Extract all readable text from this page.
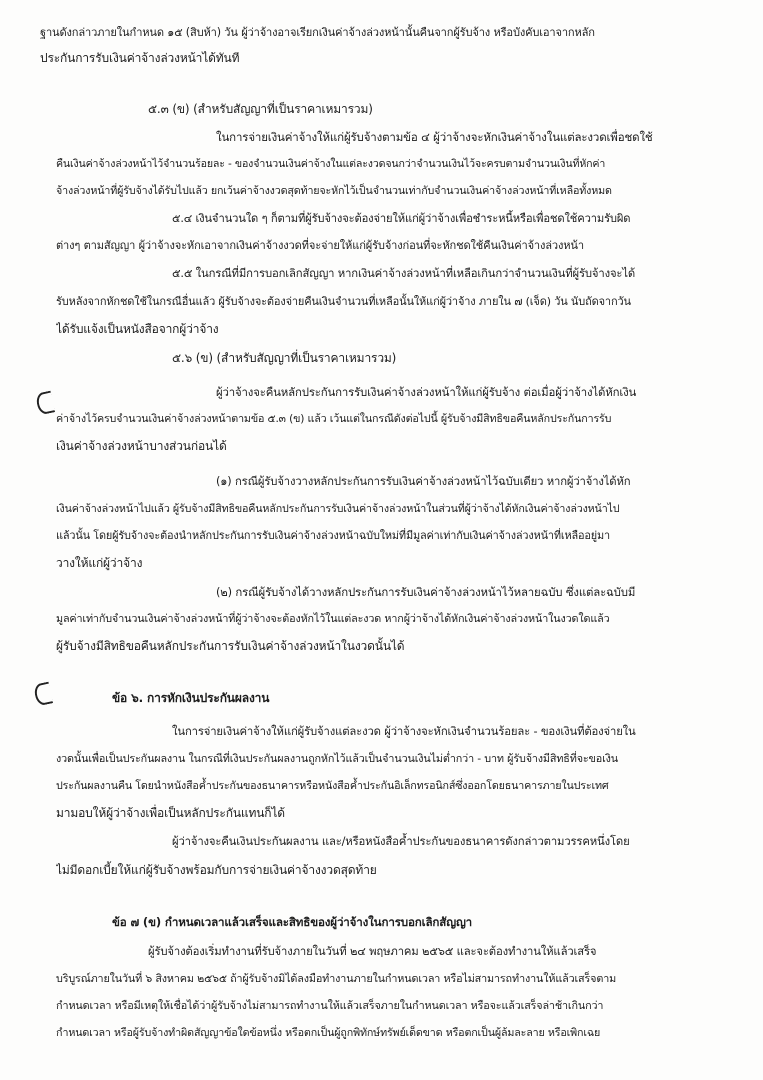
ฐานดังกล่าวภายในกำหนด ๑๕ (สิบห้า) วัน ผู้ว่าจ้างอาจเรียกเงินค่าจ้างล่วงหน้านั้นคืนจากผู้รับจ้าง หรือบังคับเอาจากหลัก
ประกันการรับเงินค่าจ้างล่วงหน้าได้ทันที
๕.๓ (ข) (สำหรับสัญญาที่เป็นราคาเหมารวม)
ในการจ่ายเงินค่าจ้างให้แก่ผู้รับจ้างตามข้อ ๔ ผู้ว่าจ้างจะหักเงินค่าจ้างในแต่ละงวดเพื่อชดใช้
คืนเงินค่าจ้างล่วงหน้าไว้จำนวนร้อยละ - ของจำนวนเงินค่าจ้างในแต่ละงวดจนกว่าจำนวนเงินไว้จะครบตามจำนวนเงินที่หักค่า
จ้างล่วงหน้าที่ผู้รับจ้างได้รับไปแล้ว ยกเว้นค่าจ้างงวดสุดท้ายจะหักไว้เป็นจำนวนเท่ากับจำนวนเงินค่าจ้างล่วงหน้าที่เหลือทั้งหมด
๕.๔ เงินจำนวนใด ๆ ก็ตามที่ผู้รับจ้างจะต้องจ่ายให้แก่ผู้ว่าจ้างเพื่อชำระหนี้หรือเพื่อชดใช้ความรับผิด
ต่างๆ ตามสัญญา ผู้ว่าจ้างจะหักเอาจากเงินค่าจ้างงวดที่จะจ่ายให้แก่ผู้รับจ้างก่อนที่จะหักชดใช้คืนเงินค่าจ้างล่วงหน้า
๕.๕ ในกรณีที่มีการบอกเลิกสัญญา หากเงินค่าจ้างล่วงหน้าที่เหลือเกินกว่าจำนวนเงินที่ผู้รับจ้างจะได้
รับหลังจากหักชดใช้ในกรณีอื่นแล้ว ผู้รับจ้างจะต้องจ่ายคืนเงินจำนวนที่เหลือนั้นให้แก่ผู้ว่าจ้าง ภายใน ๗ (เจ็ด) วัน นับถัดจากวัน
ได้รับแจ้งเป็นหนังสือจากผู้ว่าจ้าง
๕.๖ (ข) (สำหรับสัญญาที่เป็นราคาเหมารวม)
ผู้ว่าจ้างจะคืนหลักประกันการรับเงินค่าจ้างล่วงหน้าให้แก่ผู้รับจ้าง ต่อเมื่อผู้ว่าจ้างได้หักเงิน
ค่าจ้างไว้ครบจำนวนเงินค่าจ้างล่วงหน้าตามข้อ ๕.๓ (ข) แล้ว เว้นแต่ในกรณีดังต่อไปนี้ ผู้รับจ้างมีสิทธิขอคืนหลักประกันการรับ
เงินค่าจ้างล่วงหน้าบางส่วนก่อนได้
(๑) กรณีผู้รับจ้างวางหลักประกันการรับเงินค่าจ้างล่วงหน้าไว้ฉบับเดียว หากผู้ว่าจ้างได้หัก
เงินค่าจ้างล่วงหน้าไปแล้ว ผู้รับจ้างมีสิทธิขอคืนหลักประกันการรับเงินค่าจ้างล่วงหน้าในส่วนที่ผู้ว่าจ้างได้หักเงินค่าจ้างล่วงหน้าไป
แล้วนั้น โดยผู้รับจ้างจะต้องนำหลักประกันการรับเงินค่าจ้างล่วงหน้าฉบับใหม่ที่มีมูลค่าเท่ากับเงินค่าจ้างล่วงหน้าที่เหลืออยู่มา
วางให้แก่ผู้ว่าจ้าง
(๒) กรณีผู้รับจ้างได้วางหลักประกันการรับเงินค่าจ้างล่วงหน้าไว้หลายฉบับ ซึ่งแต่ละฉบับมี
มูลค่าเท่ากับจำนวนเงินค่าจ้างล่วงหน้าที่ผู้ว่าจ้างจะต้องหักไว้ในแต่ละงวด หากผู้ว่าจ้างได้หักเงินค่าจ้างล่วงหน้าในงวดใดแล้ว
ผู้รับจ้างมีสิทธิขอคืนหลักประกันการรับเงินค่าจ้างล่วงหน้าในงวดนั้นได้
ข้อ ๖. การหักเงินประกันผลงาน
ในการจ่ายเงินค่าจ้างให้แก่ผู้รับจ้างแต่ละงวด ผู้ว่าจ้างจะหักเงินจำนวนร้อยละ - ของเงินที่ต้องจ่ายใน
งวดนั้นเพื่อเป็นประกันผลงาน ในกรณีที่เงินประกันผลงานถูกหักไว้แล้วเป็นจำนวนเงินไม่ต่ำกว่า - บาท ผู้รับจ้างมีสิทธิที่จะขอเงิน
ประกันผลงานคืน โดยนำหนังสือค้ำประกันของธนาคารหรือหนังสือค้ำประกันอิเล็กทรอนิกส์ซึ่งออกโดยธนาคารภายในประเทศ
มามอบให้ผู้ว่าจ้างเพื่อเป็นหลักประกันแทนก็ได้
ผู้ว่าจ้างจะคืนเงินประกันผลงาน และ/หรือหนังสือค้ำประกันของธนาคารดังกล่าวตามวรรคหนึ่งโดย
ไม่มีดอกเบี้ยให้แก่ผู้รับจ้างพร้อมกับการจ่ายเงินค่าจ้างงวดสุดท้าย
ข้อ ๗ (ข) กำหนดเวลาแล้วเสร็จและสิทธิของผู้ว่าจ้างในการบอกเลิกสัญญา
ผู้รับจ้างต้องเริ่มทำงานที่รับจ้างภายในวันที่ ๒๔ พฤษภาคม ๒๕๖๕ และจะต้องทำงานให้แล้วเสร็จ
บริบูรณ์ภายในวันที่ ๖ สิงหาคม ๒๕๖๕ ถ้าผู้รับจ้างมิได้ลงมือทำงานภายในกำหนดเวลา หรือไม่สามารถทำงานให้แล้วเสร็จตาม
กำหนดเวลา หรือมีเหตุให้เชื่อได้ว่าผู้รับจ้างไม่สามารถทำงานให้แล้วเสร็จภายในกำหนดเวลา หรือจะแล้วเสร็จล่าช้าเกินกว่า
กำหนดเวลา หรือผู้รับจ้างทำผิดสัญญาข้อใดข้อหนึ่ง หรือตกเป็นผู้ถูกพิทักษ์ทรัพย์เด็ดขาด หรือตกเป็นผู้ล้มละลาย หรือเพิกเฉย
